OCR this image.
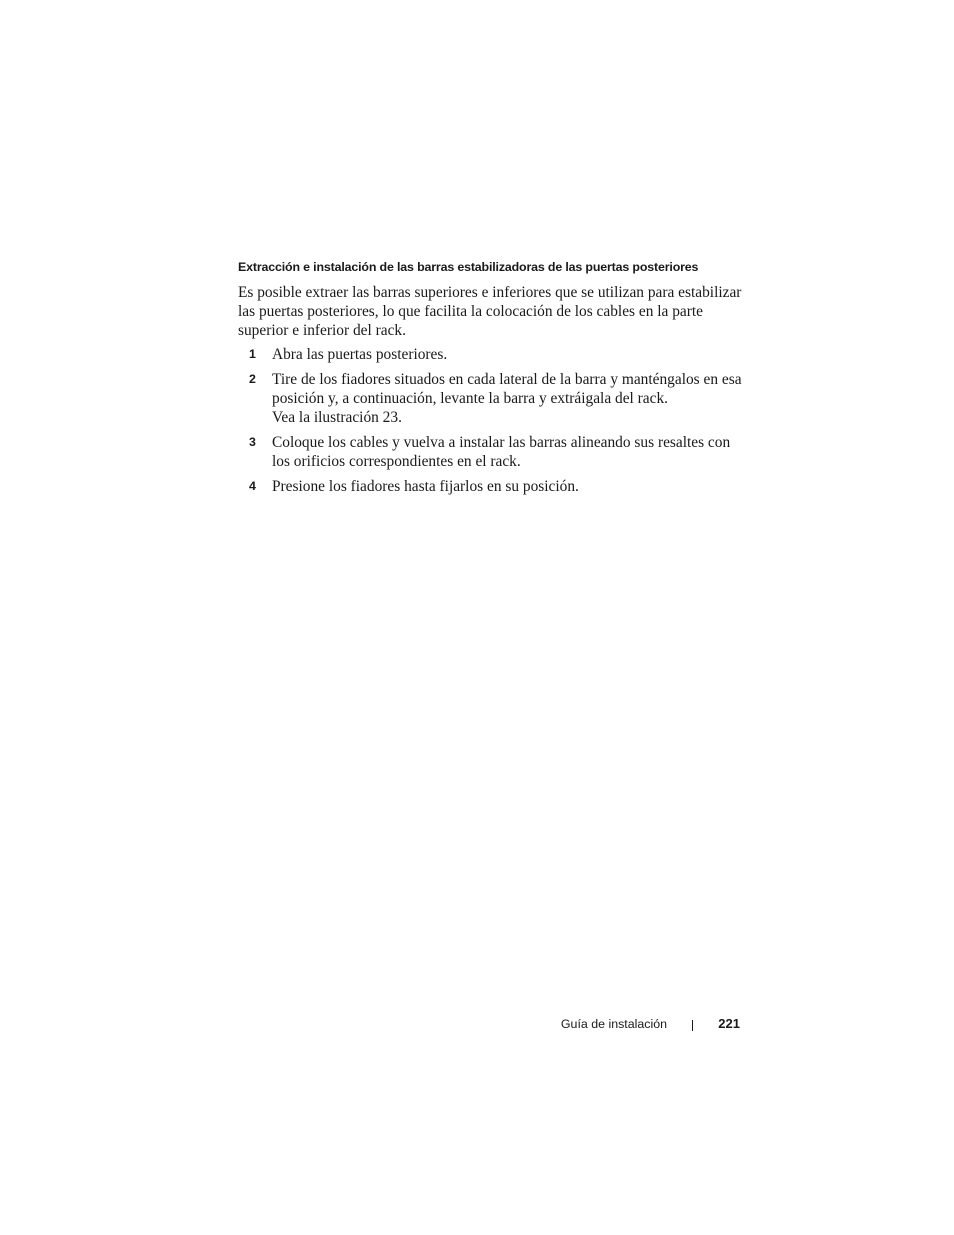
Extracción e instalación de las barras estabilizadoras de las puertas posteriores

Es posible extraer las barras superiores e inferiores que se utilizan para estabilizar las puertas posteriores, lo que facilita la colocación de los cables en la parte superior e inferior del rack.

1 Abra las puertas posteriores.
2 Tire de los fiadores situados en cada lateral de la barra y manténgalos en esa posición y, a continuación, levante la barra y extráigala del rack.
Vea la ilustración 23.
3 Coloque los cables y vuelva a instalar las barras alineando sus resaltes con los orificios correspondientes en el rack.
4 Presione los fiadores hasta fijarlos en su posición.
Guía de instalación	221
